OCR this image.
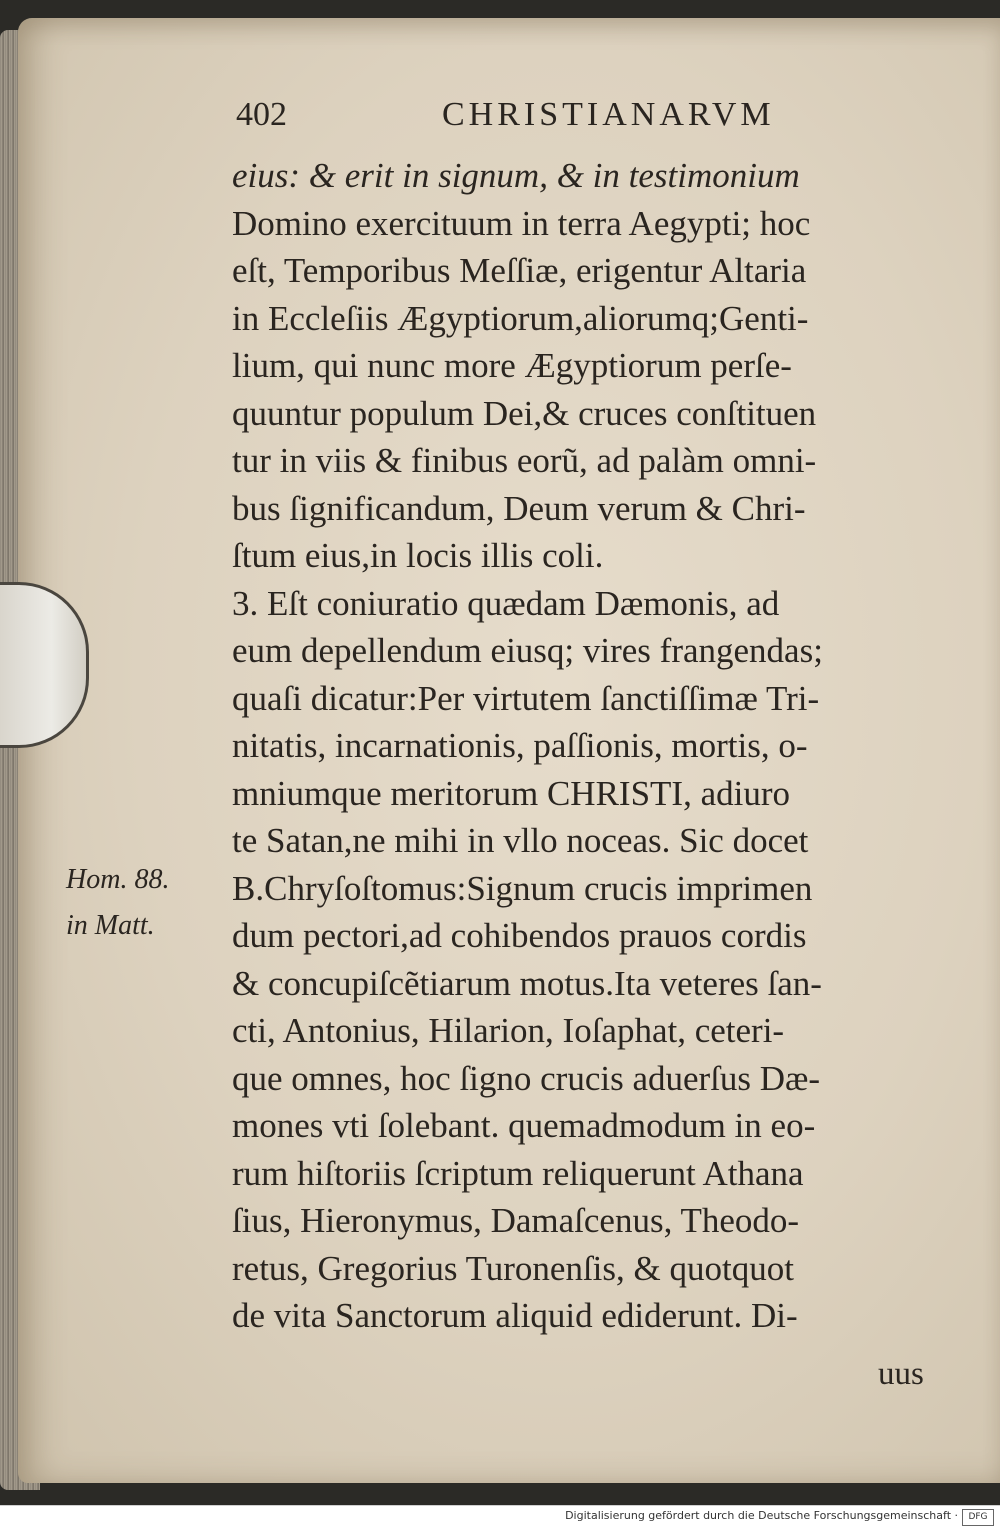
402	CHRISTIANARVM
eius: & erit in signum, & in testimonium
Domino exercituum in terra Aegypti; hoc
eſt, Temporibus Meſſiæ, erigentur Altaria
in Eccleſiis Ægyptiorum,aliorumq;Genti-
lium, qui nunc more Ægyptiorum perſe-
quuntur populum Dei,& cruces conſtituen
tur in viis & finibus eorũ, ad palàm omni-
bus ſignificandum, Deum verum & Chri-
ſtum eius,in locis illis coli.
3. Eſt coniuratio quædam Dæmonis, ad
eum depellendum eiusq; vires frangendas;
quaſi dicatur:Per virtutem ſanctiſſimæ Tri-
nitatis, incarnationis, paſſionis, mortis, o-
mniumque meritorum CHRISTI, adiuro
te Satan,ne mihi in vllo noceas. Sic docet
B.Chryſoſtomus:Signum crucis imprimen
dum pectori,ad cohibendos prauos cordis
& concupiſcẽtiarum motus.Ita veteres ſan-
cti, Antonius, Hilarion, Ioſaphat, ceteri-
que omnes, hoc ſigno crucis aduerſus Dæ-
mones vti ſolebant. quemadmodum in eo-
rum hiſtoriis ſcriptum reliquerunt Athana
ſius, Hieronymus, Damaſcenus, Theodo-
retus, Gregorius Turonenſis, & quotquot
de vita Sanctorum aliquid ediderunt. Di-
Hom. 88.
in Matt.
uus
Digitalisierung gefördert durch die Deutsche Forschungsgemeinschaft ·	DFG
